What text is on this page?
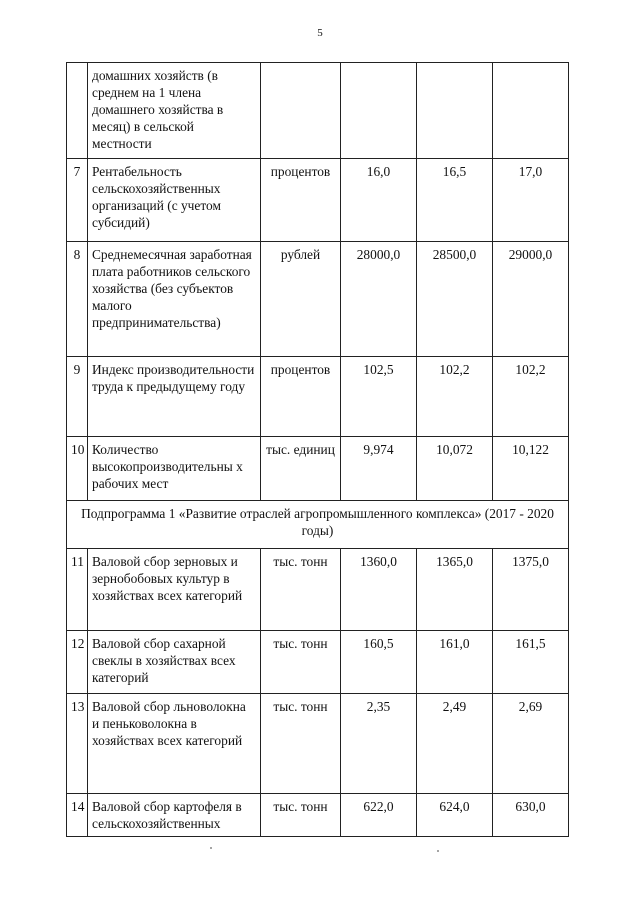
5
	домашних хозяйств (в среднем на 1 члена домашнего хозяйства в месяц) в сельской местности				
7	Рентабельность сельскохозяйственных организаций (с учетом субсидий)	процентов	16,0	16,5	17,0
8	Среднемесячная заработная плата работников сельского хозяйства (без субъектов малого предпринимательства)	рублей	28000,0	28500,0	29000,0
9	Индекс производительности труда к предыдущему году	процентов	102,5	102,2	102,2
10	Количество высокопроизводительны х рабочих мест	тыс. единиц	9,974	10,072	10,122
Подпрограмма 1 «Развитие отраслей агропромышленного комплекса» (2017 - 2020 годы)					
11	Валовой сбор зерновых и зернобобовых культур в хозяйствах всех категорий	тыс. тонн	1360,0	1365,0	1375,0
12	Валовой сбор сахарной свеклы в хозяйствах всех категорий	тыс. тонн	160,5	161,0	161,5
13	Валовой сбор льноволокна и пеньковолокна в хозяйствах всех категорий	тыс. тонн	2,35	2,49	2,69
14	Валовой сбор картофеля в сельскохозяйственных	тыс. тонн	622,0	624,0	630,0
